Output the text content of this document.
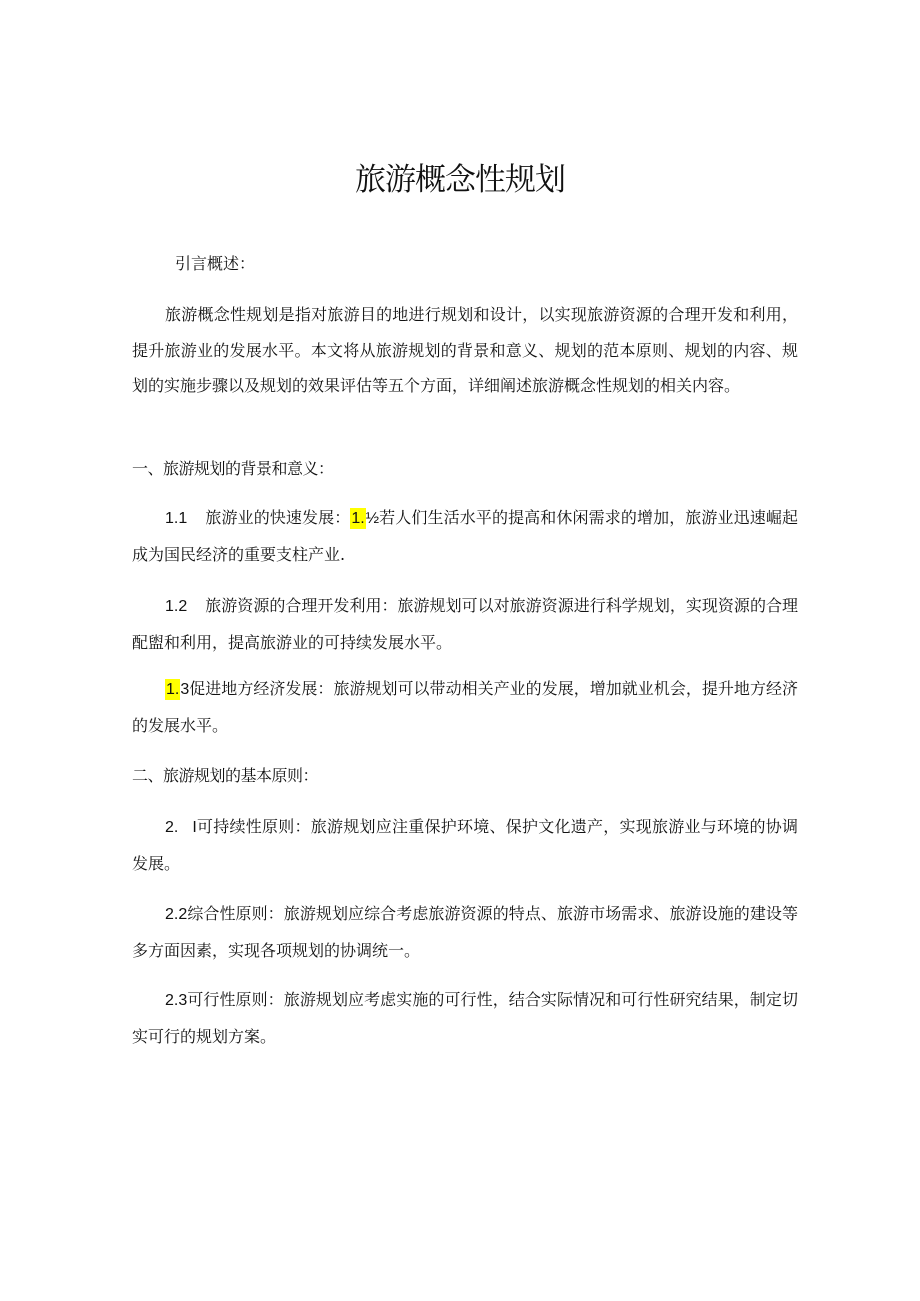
旅游概念性规划

引言概述：

旅游概念性规划是指对旅游目的地进行规划和设计，以实现旅游资源的合理开发和利用，提升旅游业的发展水平。本文将从旅游规划的背景和意义、规划的范本原则、规划的内容、规划的实施步骤以及规划的效果评估等五个方面，详细阐述旅游概念性规划的相关内容。

一、旅游规划的背景和意义：

1.1 旅游业的快速发展：1.½若人们生活水平的提高和休闲需求的增加，旅游业迅速崛起成为国民经济的重要支柱产业.

1.2 旅游资源的合理开发利用：旅游规划可以对旅游资源进行科学规划，实现资源的合理配盥和利用，提高旅游业的可持续发展水平。

1.3促进地方经济发展：旅游规划可以带动相关产业的发展，增加就业机会，提升地方经济的发展水平。

二、旅游规划的基本原则：

2. I可持续性原则：旅游规划应注重保护环境、保护文化遗产，实现旅游业与环境的协调发展。

2.2综合性原则：旅游规划应综合考虑旅游资源的特点、旅游市场需求、旅游设施的建设等多方面因素，实现各项规划的协调统一。

2.3可行性原则：旅游规划应考虑实施的可行性，结合实际情况和可行性研究结果，制定切实可行的规划方案。
